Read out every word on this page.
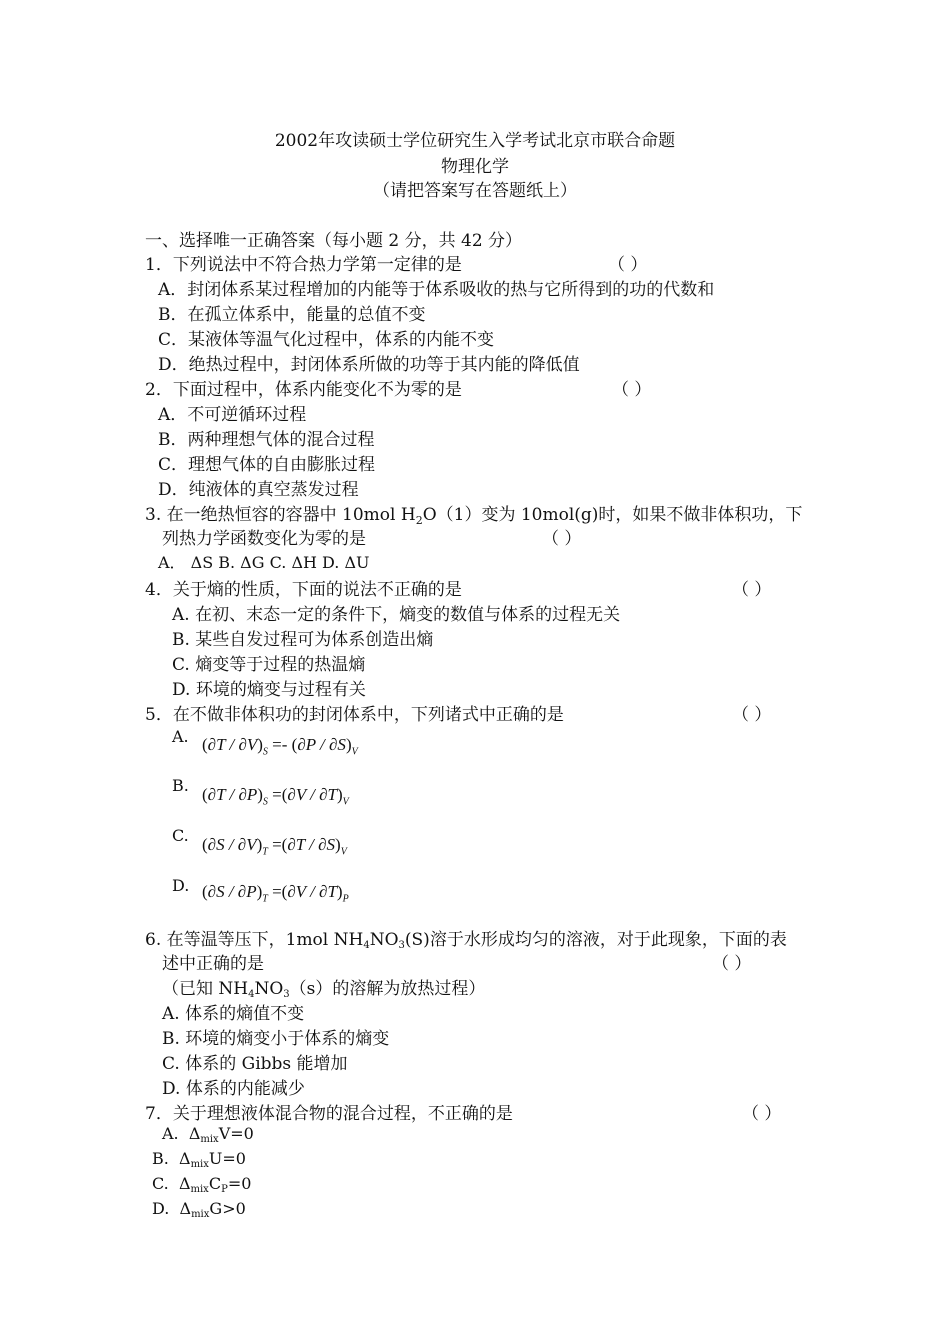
2002年攻读硕士学位研究生入学考试北京市联合命题
物理化学
（请把答案写在答题纸上）
一、选择唯一正确答案（每小题 2 分，共 42 分）
1．下列说法中不符合热力学第一定律的是	（ ）
A．封闭体系某过程增加的内能等于体系吸收的热与它所得到的功的代数和
B．在孤立体系中，能量的总值不变
C．某液体等温气化过程中，体系的内能不变
D．绝热过程中，封闭体系所做的功等于其内能的降低值
2．下面过程中，体系内能变化不为零的是	（ ）
A．不可逆循环过程
B．两种理想气体的混合过程
C．理想气体的自由膨胀过程
D．纯液体的真空蒸发过程
3. 在一绝热恒容的容器中 10mol $H_2O(1)$变为 10mol(g)时，如果不做非体积功，下
列热力学函数变化为零的是	（ ）
A． ΔS B. ΔG C. ΔH D. ΔU
4．关于熵的性质，下面的说法不正确的是	（ ）
A. 在初、末态一定的条件下，熵变的数值与体系的过程无关
B. 某些自发过程可为体系创造出熵
C. 熵变等于过程的热温熵
D. 环境的熵变与过程有关
5．在不做非体积功的封闭体系中，下列诸式中正确的是	（ ）
A. $(\partial T / \partial V)_S =- (\partial P / \partial S)_V$
B. $(\partial T / \partial P)_S =(\partial V / \partial T)_V$
C. $(\partial S / \partial V)_T =(\partial T / \partial S)_V$
D. $(\partial S / \partial P)_T =(\partial V / \partial T)_P$
6. 在等温等压下，1mol NH4NO3(S)溶于水形成均匀的溶液，对于此现象，下面的表
述中正确的是	（ ）
（已知 NH4NO3（s）的溶解为放热过程）
A. 体系的熵值不变
B. 环境的熵变小于体系的熵变
C. 体系的 Gibbs 能增加
D. 体系的内能减少
7．关于理想液体混合物的混合过程，不正确的是	（ ）
A. ΔmixV=0
B. ΔmixU=0
C. ΔmixCP=0
D. ΔmixG>0
